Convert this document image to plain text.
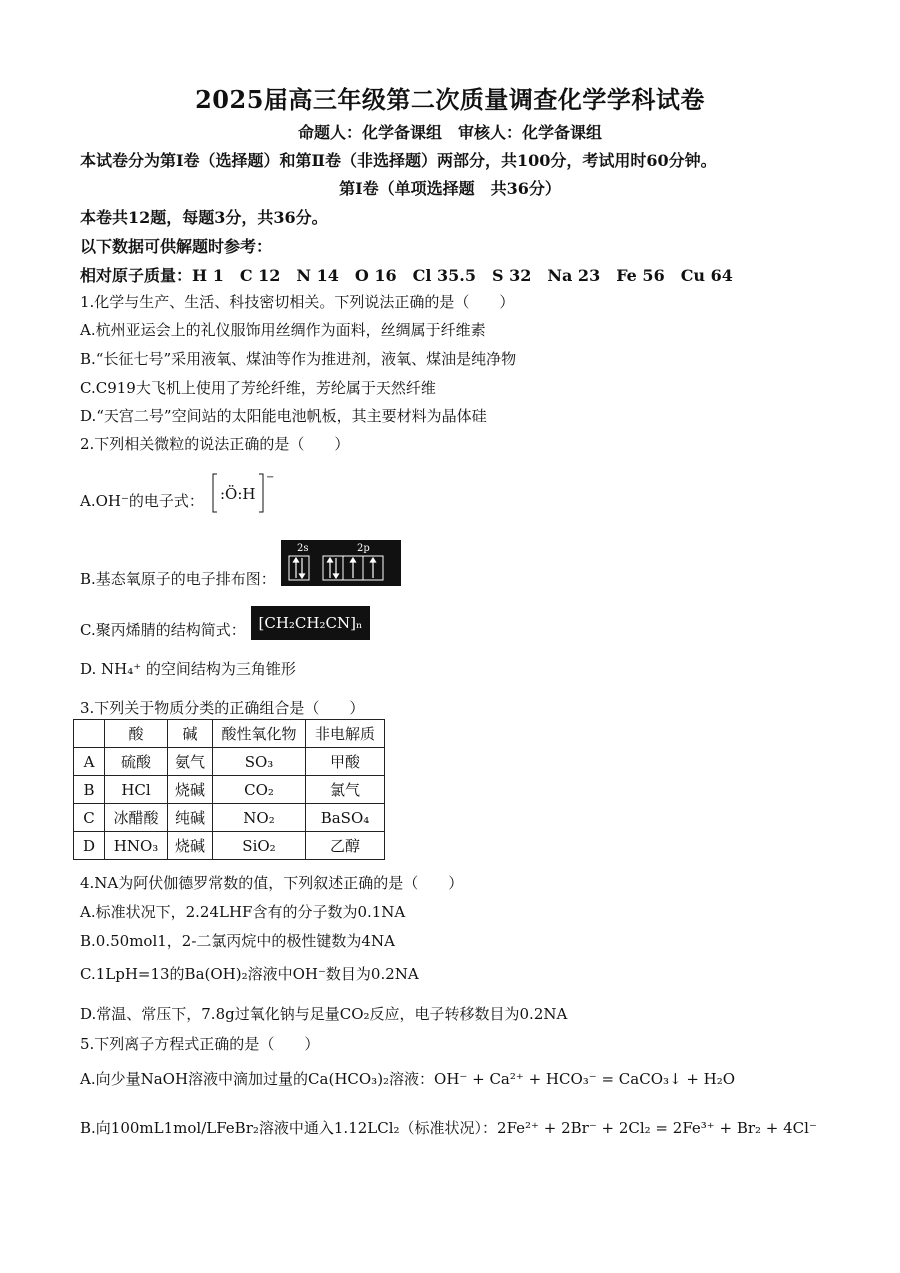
2025届高三年级第二次质量调查化学学科试卷
命题人：化学备课组　审核人：化学备课组
本试卷分为第Ⅰ卷（选择题）和第Ⅱ卷（非选择题）两部分，共100分，考试用时60分钟。
第Ⅰ卷（单项选择题　共36分）
本卷共12题，每题3分，共36分。
以下数据可供解题时参考：
相对原子质量：H 1　C 12　N 14　O 16　Cl 35.5　S 32　Na 23　Fe 56　Cu 64
1.化学与生产、生活、科技密切相关。下列说法正确的是（　　）
A.杭州亚运会上的礼仪服饰用丝绸作为面料，丝绸属于纤维素
B.“长征七号”采用液氧、煤油等作为推进剂，液氧、煤油是纯净物
C.C919大飞机上使用了芳纶纤维，芳纶属于天然纤维
D.“天宫二号”空间站的太阳能电池帆板，其主要材料为晶体硅
2.下列相关微粒的说法正确的是（　　）
A.OH⁻的电子式：
−
:Ö:H
B.基态氧原子的电子排布图：
2s	2p
C.聚丙烯腈的结构简式： [CH₂CH₂CN]ₙ
D. NH₄⁺ 的空间结构为三角锥形
3.下列关于物质分类的正确组合是（　　）
	酸	碱	酸性氧化物	非电解质
A	硫酸	氨气	SO₃	甲酸
B	HCl	烧碱	CO₂	氯气
C	冰醋酸	纯碱	NO₂	BaSO₄
D	HNO₃	烧碱	SiO₂	乙醇
4.NA为阿伏伽德罗常数的值，下列叙述正确的是（　　）
A.标准状况下，2.24LHF含有的分子数为0.1NA
B.0.50mol1，2-二氯丙烷中的极性键数为4NA
C.1LpH=13的Ba(OH)₂溶液中OH⁻数目为0.2NA
D.常温、常压下，7.8g过氧化钠与足量CO₂反应，电子转移数目为0.2NA
5.下列离子方程式正确的是（　　）
A.向少量NaOH溶液中滴加过量的Ca(HCO₃)₂溶液：OH⁻ + Ca²⁺ + HCO₃⁻ = CaCO₃↓ + H₂O
B.向100mL1mol/LFeBr₂溶液中通入1.12LCl₂（标准状况）：2Fe²⁺ + 2Br⁻ + 2Cl₂ = 2Fe³⁺ + Br₂ + 4Cl⁻
